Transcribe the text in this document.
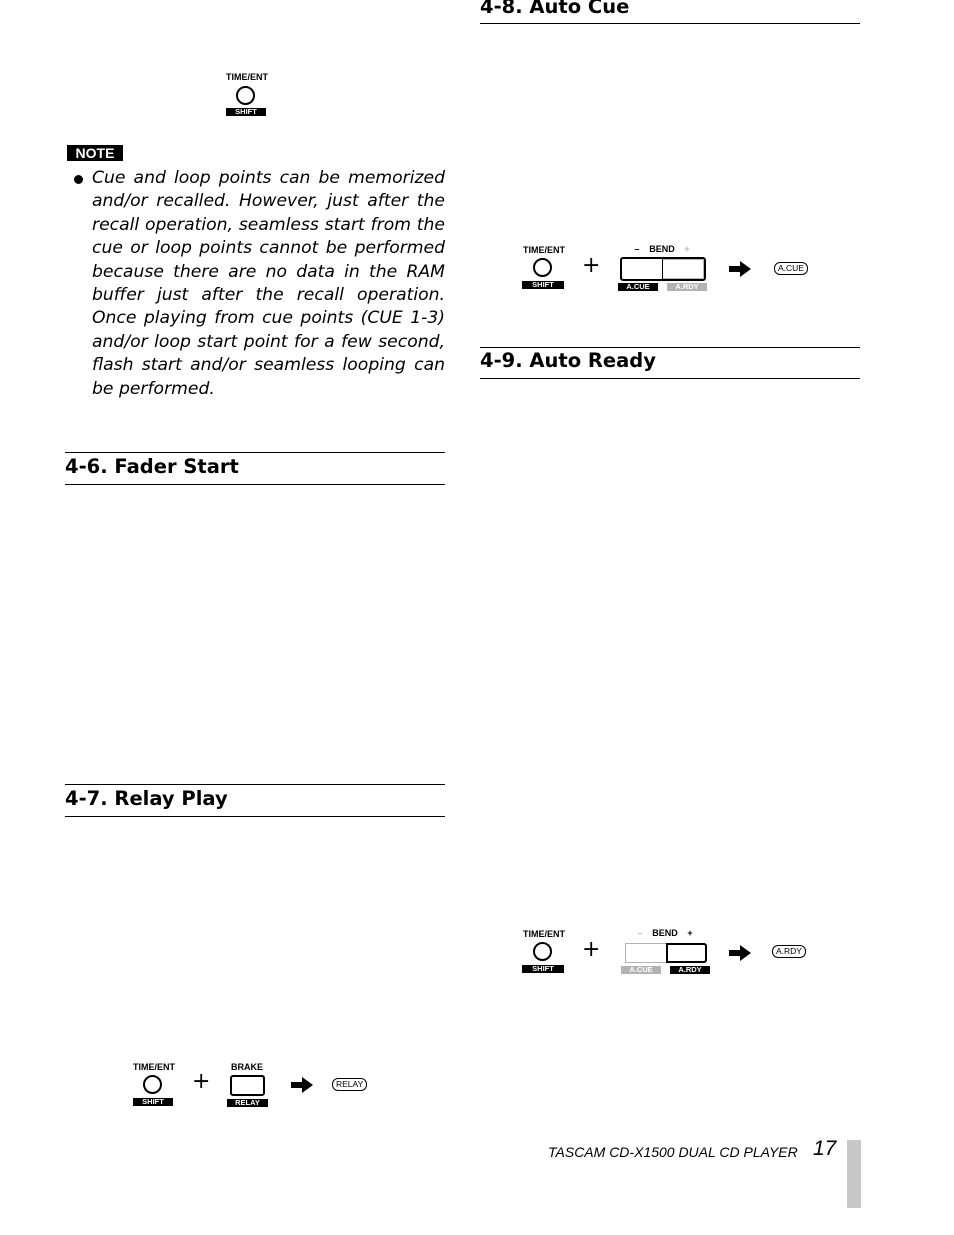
TIME/ENT
SHIFT
NOTE

Cue and loop points can be memorized and/or recalled. However, just after the recall operation, seamless start from the cue or loop points cannot be performed because there are no data in the RAM buffer just after the recall operation. Once playing from cue points (CUE 1-3) and/or loop start point for a few second, flash start and/or seamless looping can be performed.

4-6. Fader Start
4-7. Relay Play
TIME/ENT
SHIFT
+
BRAKE
RELAY
RELAY
4-8. Auto Cue
TIME/ENT
SHIFT
+
–	BEND	+
A.CUE	A.RDY
A.CUE
4-9. Auto Ready
TIME/ENT
SHIFT
+
–	BEND	+
A.CUE	A.RDY
A.RDY
TASCAM CD-X1500 DUAL CD PLAYER 17
